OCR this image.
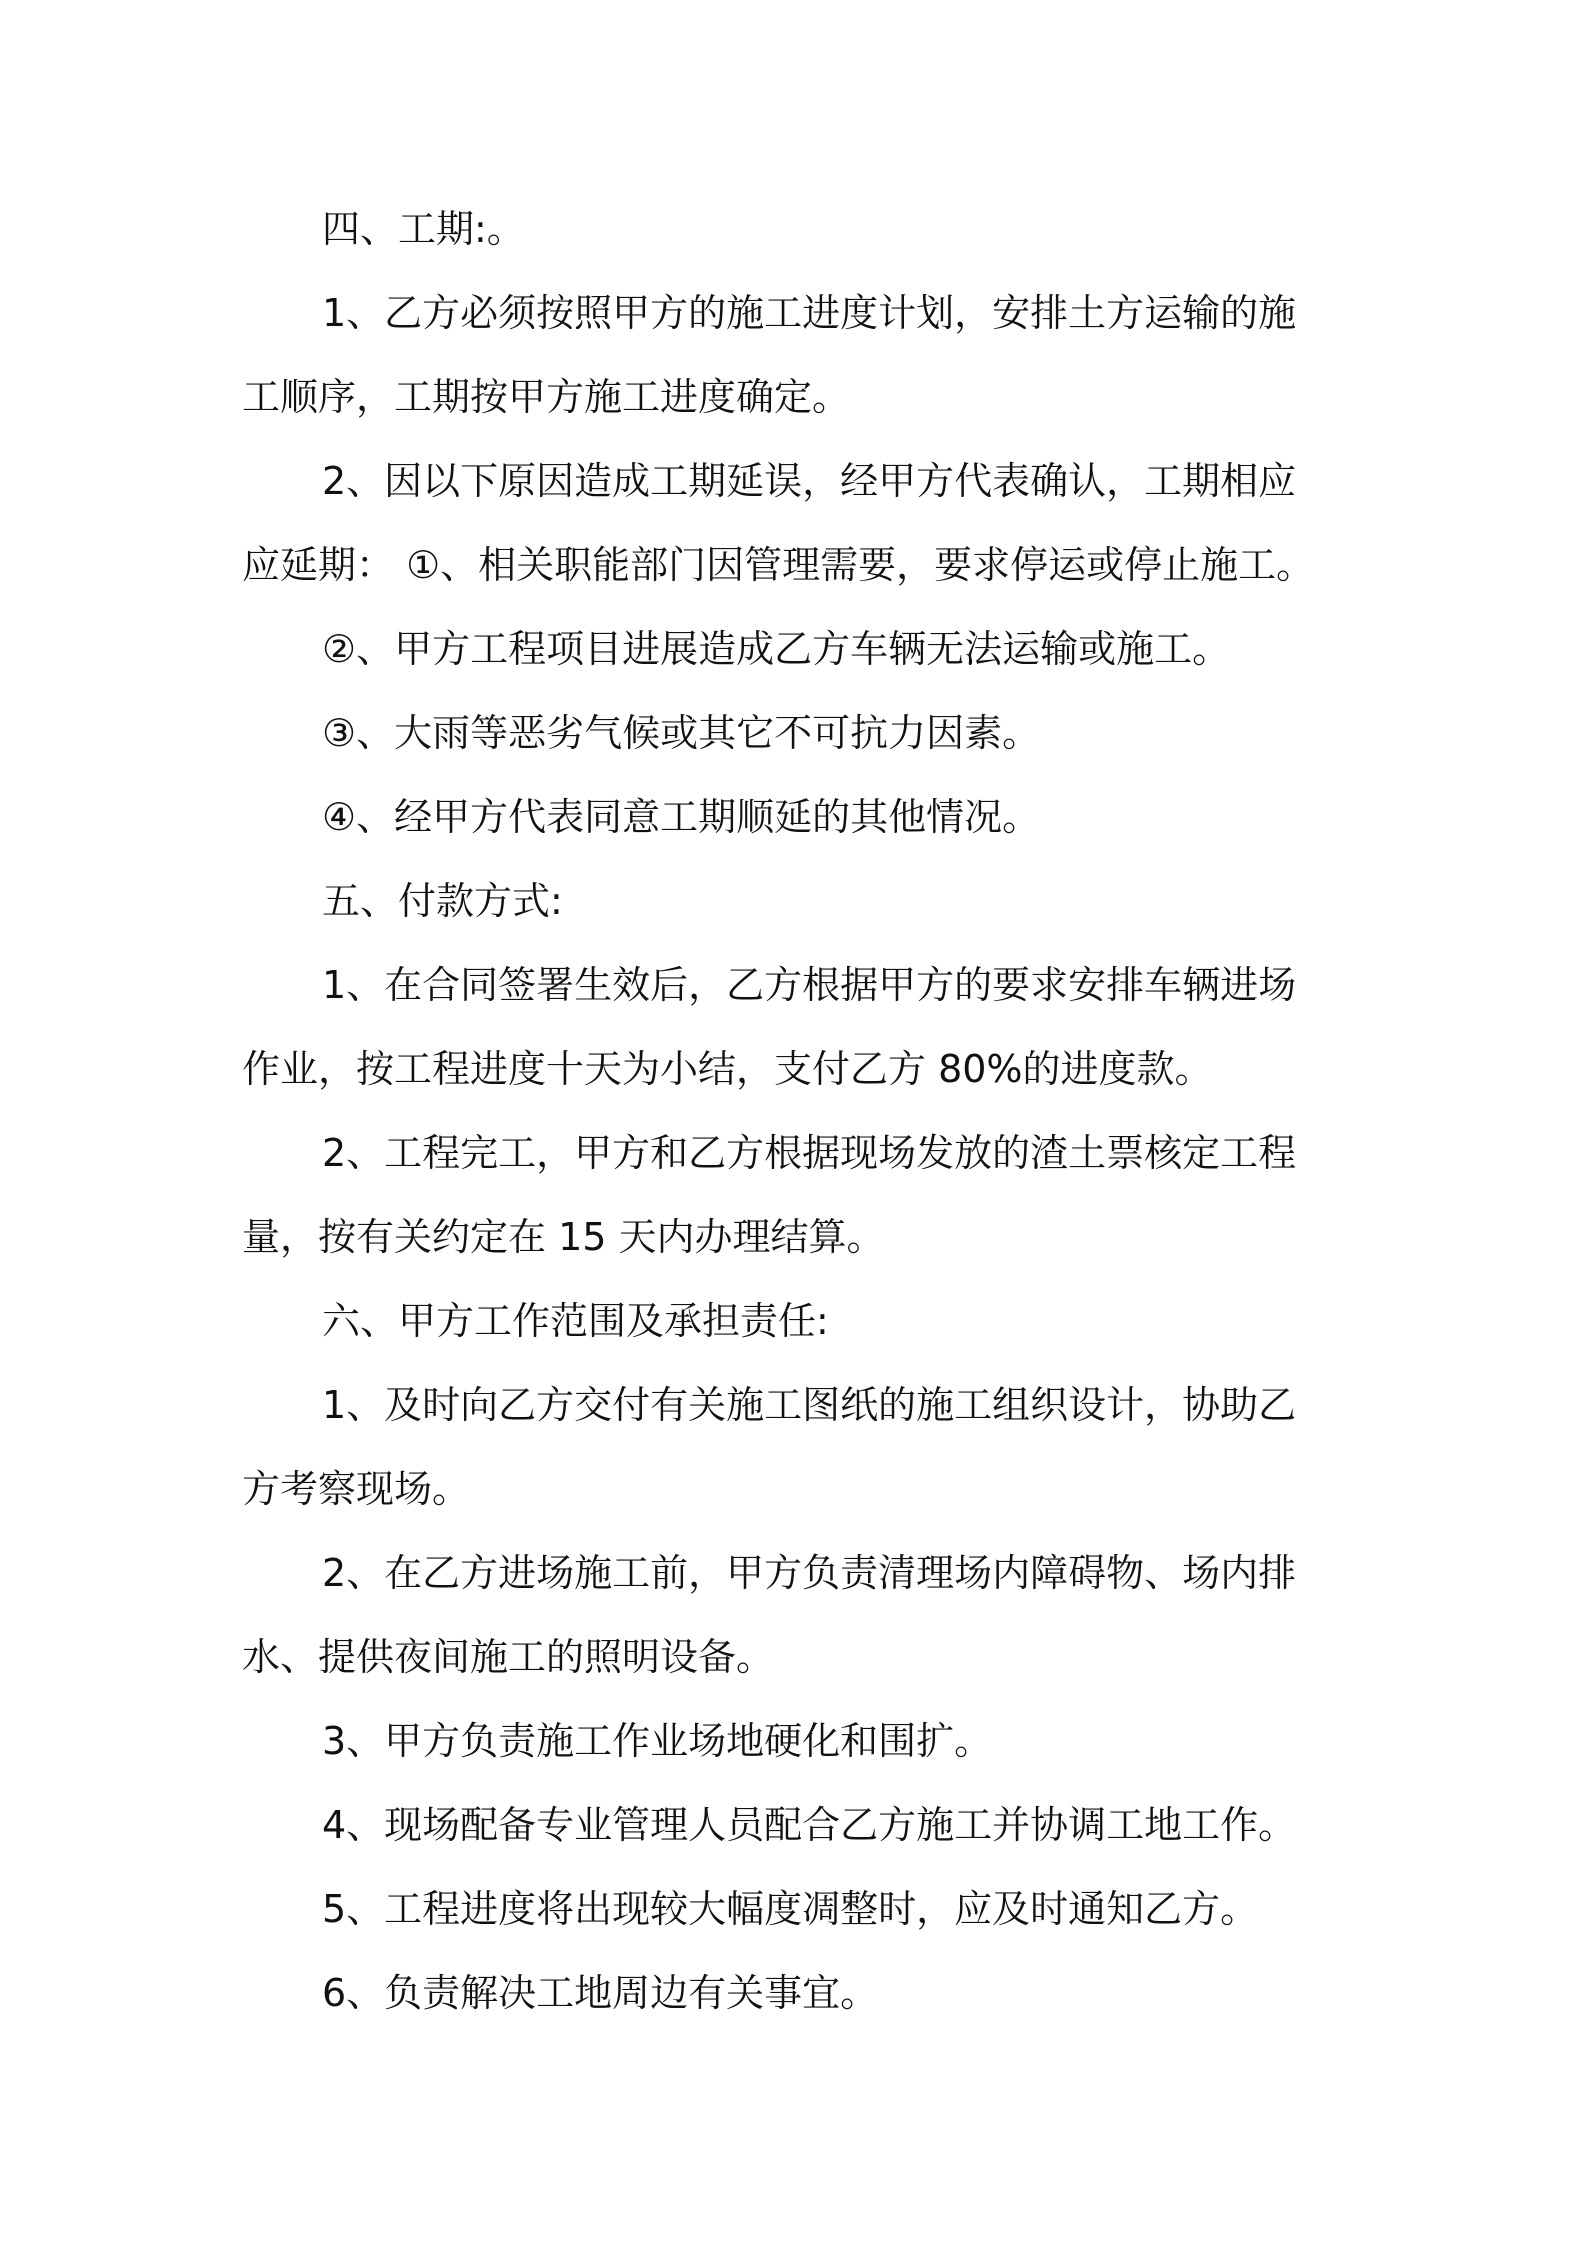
四、工期:。

1、乙方必须按照甲方的施工进度计划，安排土方运输的施

工顺序，工期按甲方施工进度确定。

2、因以下原因造成工期延误，经甲方代表确认，工期相应

应延期： ①、相关职能部门因管理需要，要求停运或停止施工。

②、甲方工程项目进展造成乙方车辆无法运输或施工。

③、大雨等恶劣气候或其它不可抗力因素。

④、经甲方代表同意工期顺延的其他情况。

五、付款方式:

1、在合同签署生效后，乙方根据甲方的要求安排车辆进场

作业，按工程进度十天为小结，支付乙方 80%的进度款。

2、工程完工，甲方和乙方根据现场发放的渣土票核定工程

量，按有关约定在 15 天内办理结算。

六、甲方工作范围及承担责任:

1、及时向乙方交付有关施工图纸的施工组织设计，协助乙

方考察现场。

2、在乙方进场施工前，甲方负责清理场内障碍物、场内排

水、提供夜间施工的照明设备。

3、甲方负责施工作业场地硬化和围扩。

4、现场配备专业管理人员配合乙方施工并协调工地工作。

5、工程进度将出现较大幅度凋整时，应及时通知乙方。

6、负责解决工地周边有关事宜。
